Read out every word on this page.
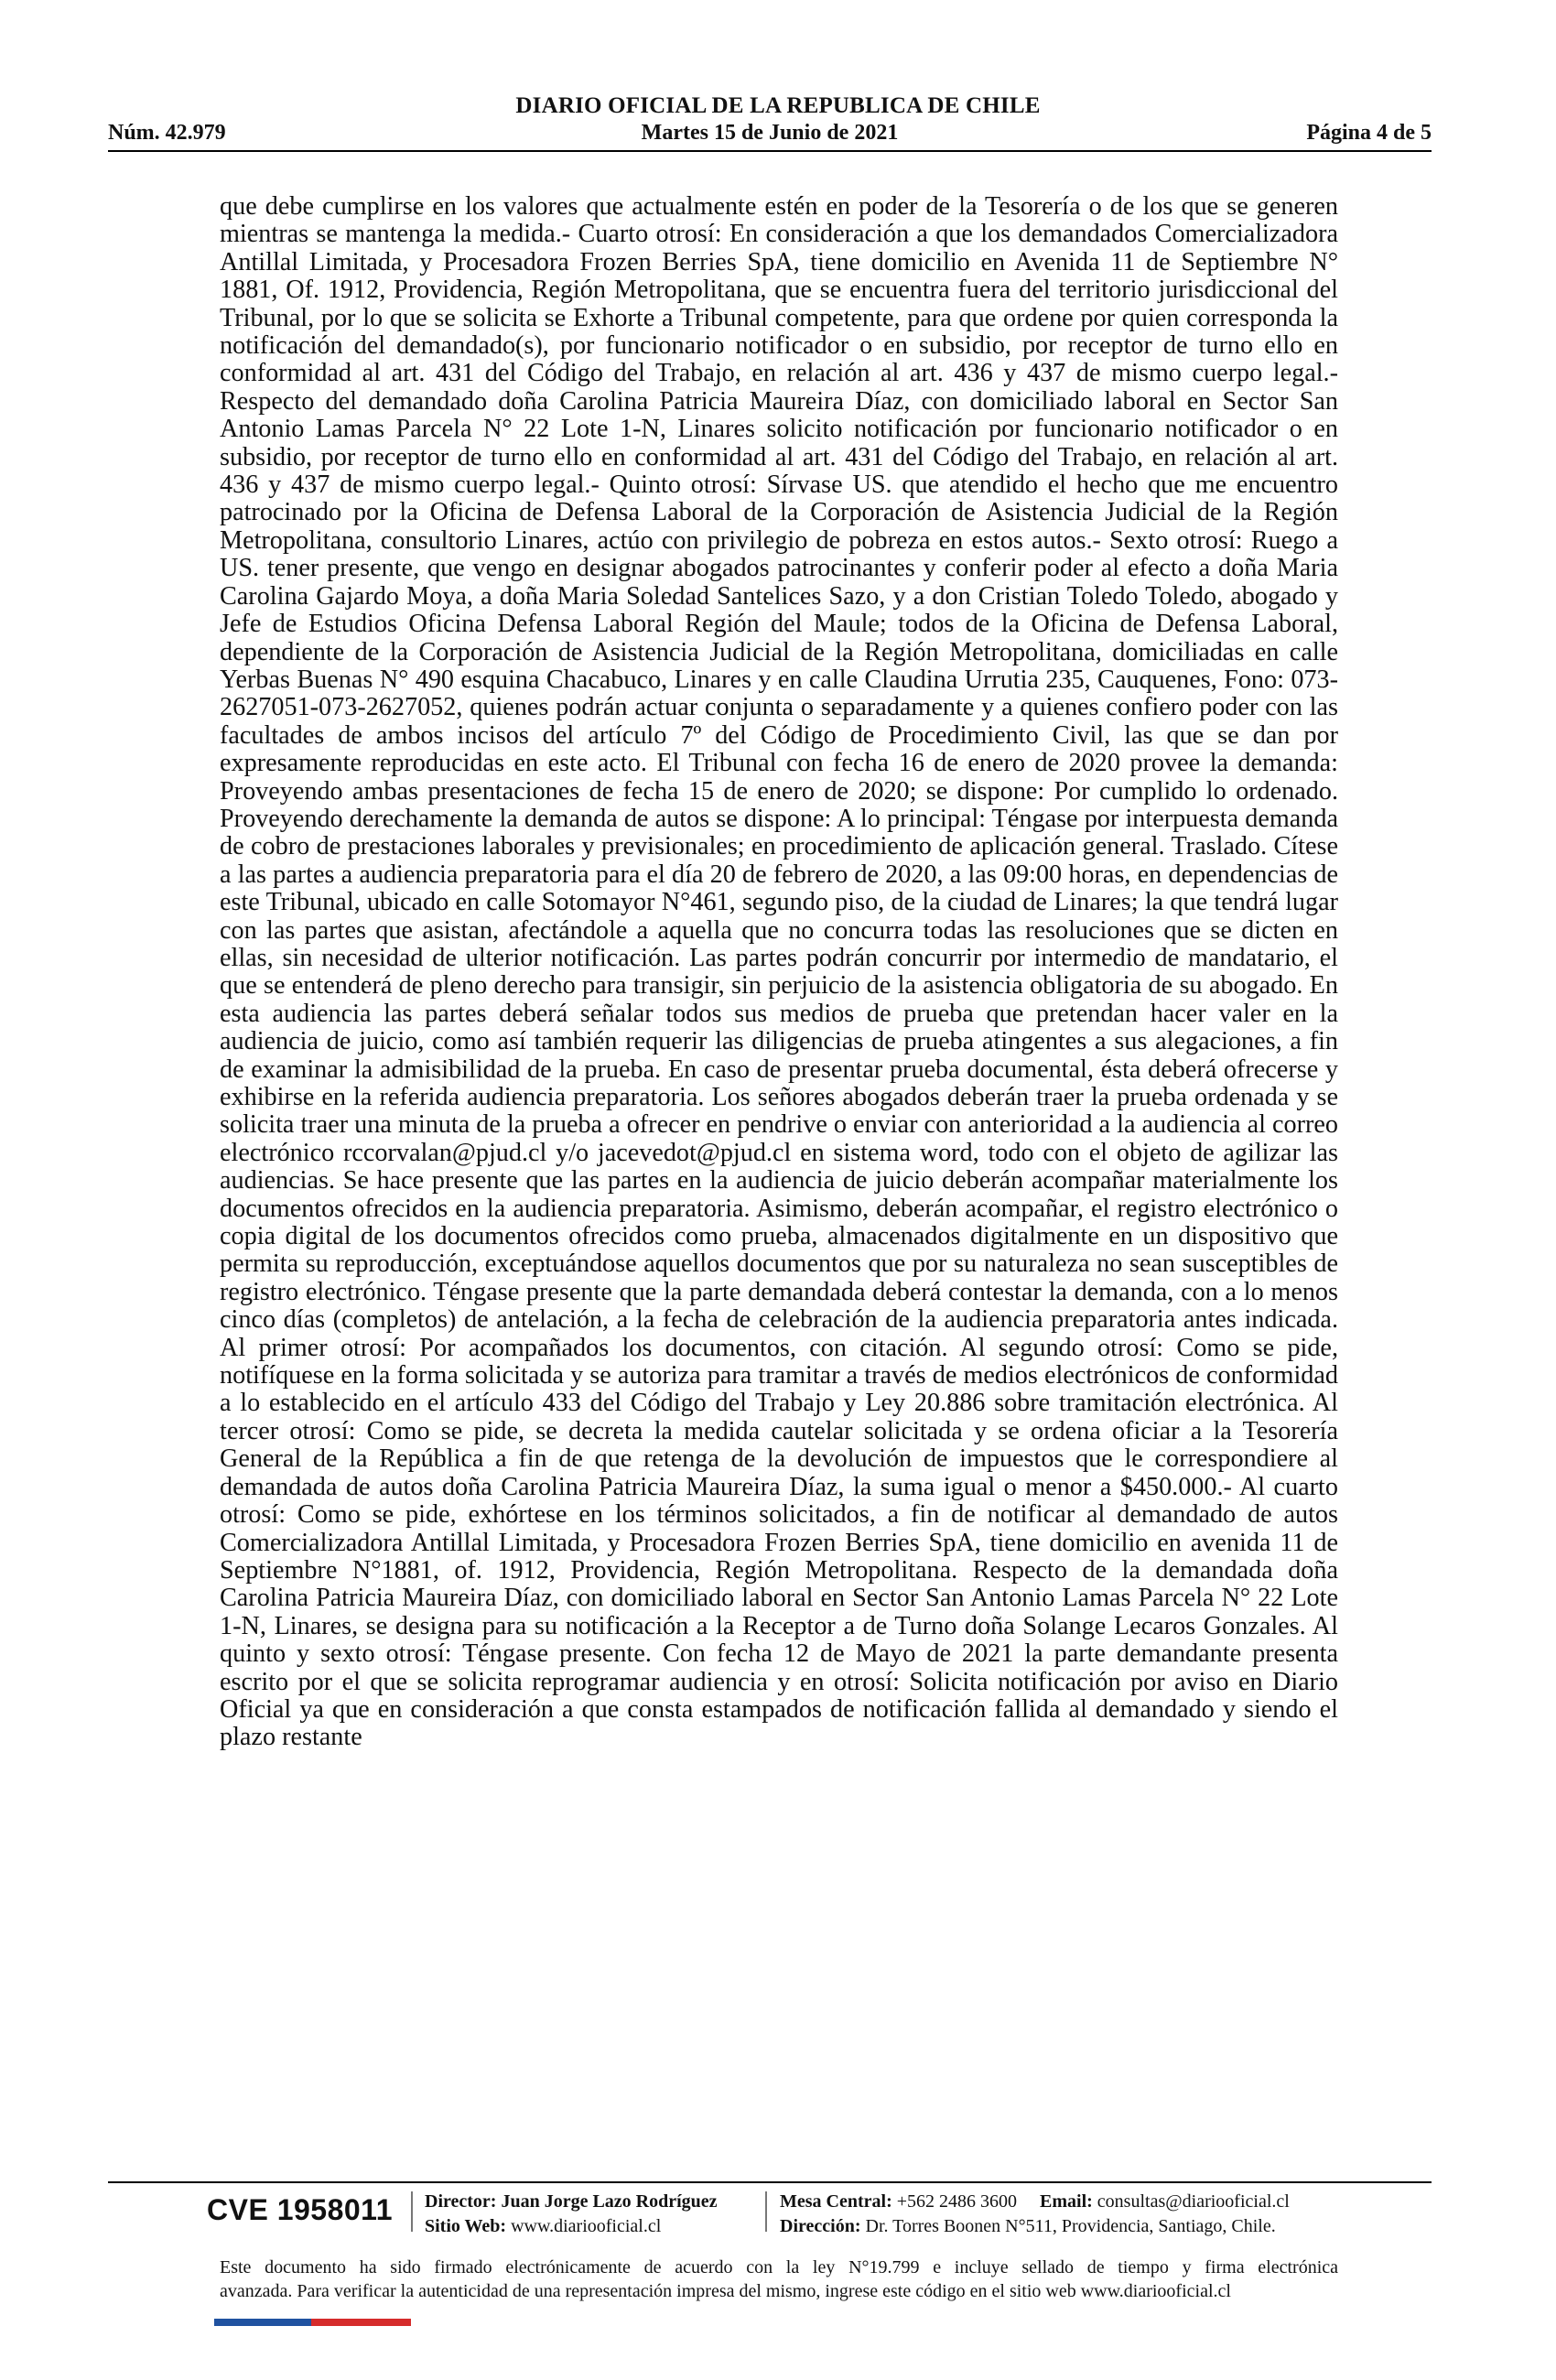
DIARIO OFICIAL DE LA REPUBLICA DE CHILE
Martes 15 de Junio de 2021
Núm. 42.979	Página 4 de 5
que debe cumplirse en los valores que actualmente estén en poder de la Tesorería o de los que se generen mientras se mantenga la medida.- Cuarto otrosí: En consideración a que los demandados Comercializadora Antillal Limitada, y Procesadora Frozen Berries SpA, tiene domicilio en Avenida 11 de Septiembre N° 1881, Of. 1912, Providencia, Región Metropolitana, que se encuentra fuera del territorio jurisdiccional del Tribunal, por lo que se solicita se Exhorte a Tribunal competente, para que ordene por quien corresponda la notificación del demandado(s), por funcionario notificador o en subsidio, por receptor de turno ello en conformidad al art. 431 del Código del Trabajo, en relación al art. 436 y 437 de mismo cuerpo legal.- Respecto del demandado doña Carolina Patricia Maureira Díaz, con domiciliado laboral en Sector San Antonio Lamas Parcela N° 22 Lote 1-N, Linares solicito notificación por funcionario notificador o en subsidio, por receptor de turno ello en conformidad al art. 431 del Código del Trabajo, en relación al art. 436 y 437 de mismo cuerpo legal.- Quinto otrosí: Sírvase US. que atendido el hecho que me encuentro patrocinado por la Oficina de Defensa Laboral de la Corporación de Asistencia Judicial de la Región Metropolitana, consultorio Linares, actúo con privilegio de pobreza en estos autos.- Sexto otrosí: Ruego a US. tener presente, que vengo en designar abogados patrocinantes y conferir poder al efecto a doña Maria Carolina Gajardo Moya, a doña Maria Soledad Santelices Sazo, y a don Cristian Toledo Toledo, abogado y Jefe de Estudios Oficina Defensa Laboral Región del Maule; todos de la Oficina de Defensa Laboral, dependiente de la Corporación de Asistencia Judicial de la Región Metropolitana, domiciliadas en calle Yerbas Buenas N° 490 esquina Chacabuco, Linares y en calle Claudina Urrutia 235, Cauquenes, Fono: 073-2627051-073-2627052, quienes podrán actuar conjunta o separadamente y a quienes confiero poder con las facultades de ambos incisos del artículo 7º del Código de Procedimiento Civil, las que se dan por expresamente reproducidas en este acto. El Tribunal con fecha 16 de enero de 2020 provee la demanda: Proveyendo ambas presentaciones de fecha 15 de enero de 2020; se dispone: Por cumplido lo ordenado. Proveyendo derechamente la demanda de autos se dispone: A lo principal: Téngase por interpuesta demanda de cobro de prestaciones laborales y previsionales; en procedimiento de aplicación general. Traslado. Cítese a las partes a audiencia preparatoria para el día 20 de febrero de 2020, a las 09:00 horas, en dependencias de este Tribunal, ubicado en calle Sotomayor N°461, segundo piso, de la ciudad de Linares; la que tendrá lugar con las partes que asistan, afectándole a aquella que no concurra todas las resoluciones que se dicten en ellas, sin necesidad de ulterior notificación. Las partes podrán concurrir por intermedio de mandatario, el que se entenderá de pleno derecho para transigir, sin perjuicio de la asistencia obligatoria de su abogado. En esta audiencia las partes deberá señalar todos sus medios de prueba que pretendan hacer valer en la audiencia de juicio, como así también requerir las diligencias de prueba atingentes a sus alegaciones, a fin de examinar la admisibilidad de la prueba. En caso de presentar prueba documental, ésta deberá ofrecerse y exhibirse en la referida audiencia preparatoria. Los señores abogados deberán traer la prueba ordenada y se solicita traer una minuta de la prueba a ofrecer en pendrive o enviar con anterioridad a la audiencia al correo electrónico rccorvalan@pjud.cl y/o jacevedot@pjud.cl en sistema word, todo con el objeto de agilizar las audiencias. Se hace presente que las partes en la audiencia de juicio deberán acompañar materialmente los documentos ofrecidos en la audiencia preparatoria. Asimismo, deberán acompañar, el registro electrónico o copia digital de los documentos ofrecidos como prueba, almacenados digitalmente en un dispositivo que permita su reproducción, exceptuándose aquellos documentos que por su naturaleza no sean susceptibles de registro electrónico. Téngase presente que la parte demandada deberá contestar la demanda, con a lo menos cinco días (completos) de antelación, a la fecha de celebración de la audiencia preparatoria antes indicada. Al primer otrosí: Por acompañados los documentos, con citación. Al segundo otrosí: Como se pide, notifíquese en la forma solicitada y se autoriza para tramitar a través de medios electrónicos de conformidad a lo establecido en el artículo 433 del Código del Trabajo y Ley 20.886 sobre tramitación electrónica. Al tercer otrosí: Como se pide, se decreta la medida cautelar solicitada y se ordena oficiar a la Tesorería General de la República a fin de que retenga de la devolución de impuestos que le correspondiere al demandada de autos doña Carolina Patricia Maureira Díaz, la suma igual o menor a $450.000.- Al cuarto otrosí: Como se pide, exhórtese en los términos solicitados, a fin de notificar al demandado de autos Comercializadora Antillal Limitada, y Procesadora Frozen Berries SpA, tiene domicilio en avenida 11 de Septiembre N°1881, of. 1912, Providencia, Región Metropolitana. Respecto de la demandada doña Carolina Patricia Maureira Díaz, con domiciliado laboral en Sector San Antonio Lamas Parcela N° 22 Lote 1-N, Linares, se designa para su notificación a la Receptor a de Turno doña Solange Lecaros Gonzales. Al quinto y sexto otrosí: Téngase presente. Con fecha 12 de Mayo de 2021 la parte demandante presenta escrito por el que se solicita reprogramar audiencia y en otrosí: Solicita notificación por aviso en Diario Oficial ya que en consideración a que consta estampados de notificación fallida al demandado y siendo el plazo restante
CVE 1958011 Director: Juan Jorge Lazo Rodríguez
Sitio Web: www.diariooficial.cl
Mesa Central: +562 2486 3600 Email: consultas@diariooficial.cl
Dirección: Dr. Torres Boonen N°511, Providencia, Santiago, Chile.
Este documento ha sido firmado electrónicamente de acuerdo con la ley N°19.799 e incluye sellado de tiempo y firma electrónica
avanzada. Para verificar la autenticidad de una representación impresa del mismo, ingrese este código en el sitio web www.diariooficial.cl
